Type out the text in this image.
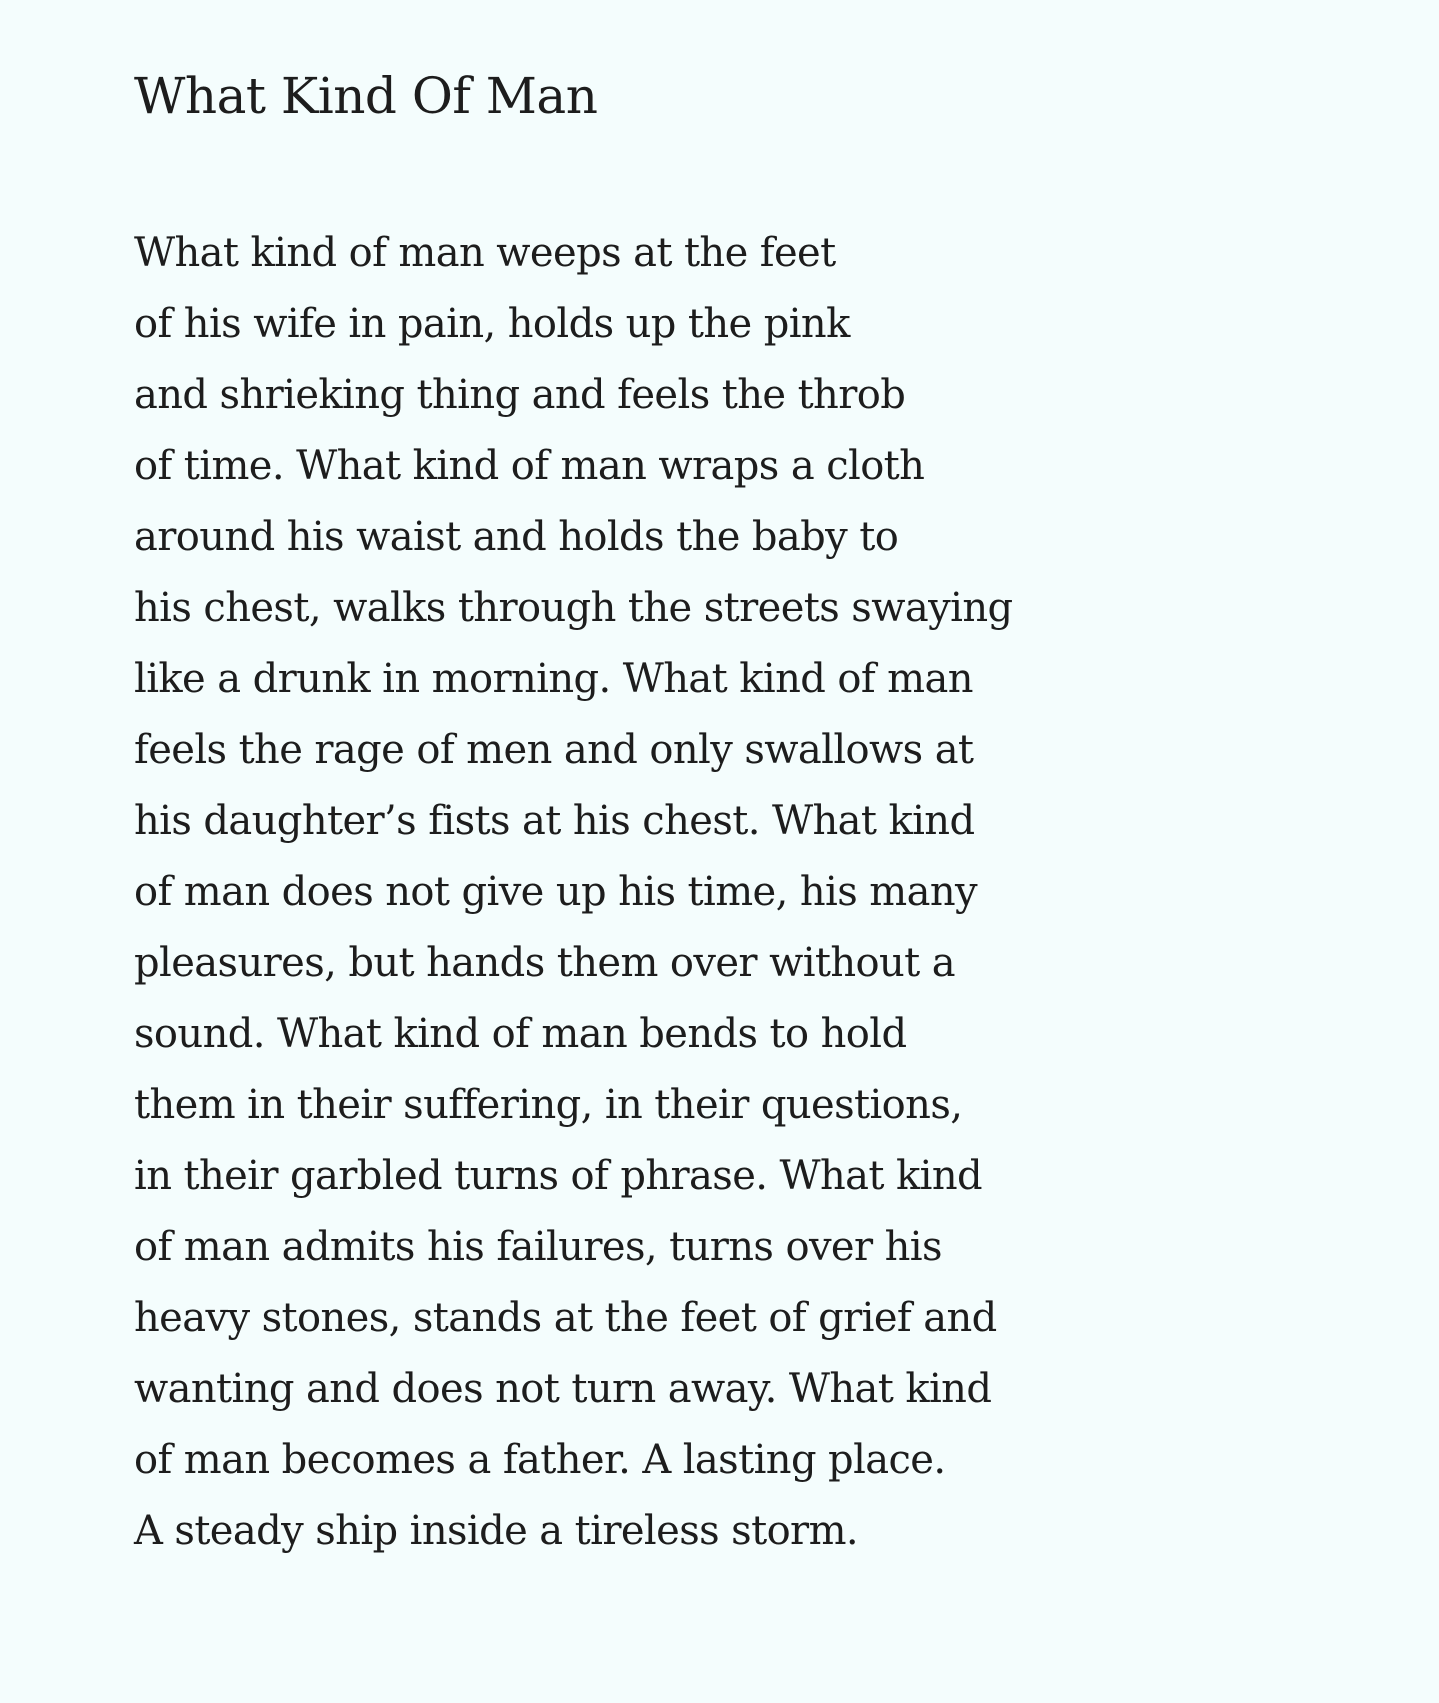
What Kind Of Man
What kind of man weeps at the feet
of his wife in pain, holds up the pink
and shrieking thing and feels the throb
of time. What kind of man wraps a cloth
around his waist and holds the baby to
his chest, walks through the streets swaying
like a drunk in morning. What kind of man
feels the rage of men and only swallows at
his daughter’s fists at his chest. What kind
of man does not give up his time, his many
pleasures, but hands them over without a
sound. What kind of man bends to hold
them in their suffering, in their questions,
in their garbled turns of phrase. What kind
of man admits his failures, turns over his
heavy stones, stands at the feet of grief and
wanting and does not turn away. What kind
of man becomes a father. A lasting place.
A steady ship inside a tireless storm.
